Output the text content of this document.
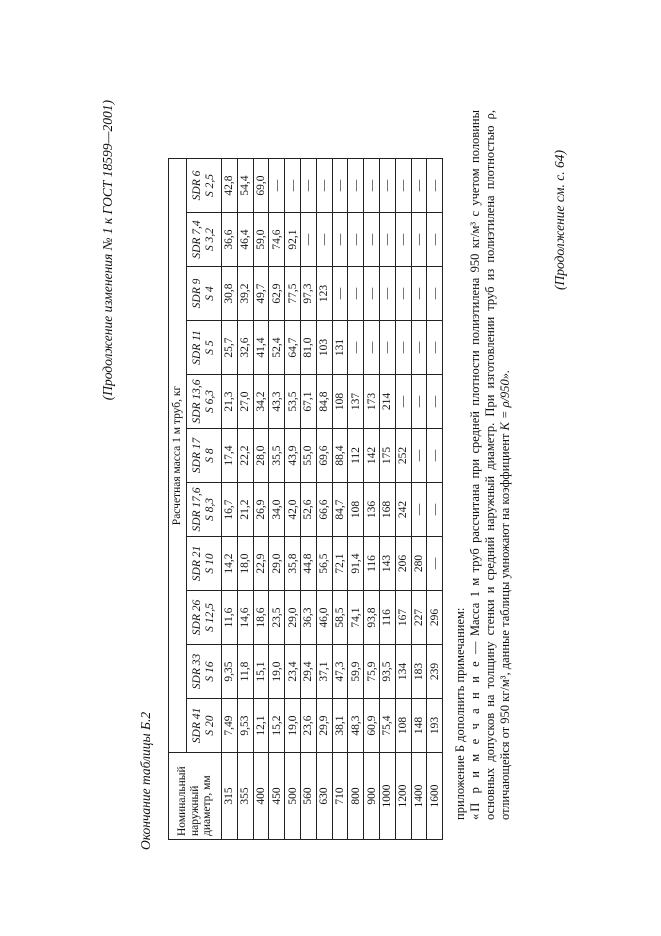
(Продолжение изменения № 1 к ГОСТ 18599—2001)
Окончание таблицы Б.2 Номинальный наружный диаметр, мм	Расчетная масса 1 м труб, кг										

	SDR 41 S 20	SDR 33 S 16	SDR 26 S 12,5	SDR 21 S 10	SDR 17,6 S 8,3	SDR 17 S 8	SDR 13,6 S 6,3	SDR 11 S 5	SDR 9 S 4	SDR 7,4 S 3,2	SDR 6 S 2,5

315	7,49	9,35	11,6	14,2	16,7	17,4	21,3	25,7	30,8	36,6	42,8
355	9,53	11,8	14,6	18,0	21,2	22,2	27,0	32,6	39,2	46,4	54,4
400	12,1	15,1	18,6	22,9	26,9	28,0	34,2	41,4	49,7	59,0	69,0
450	15,2	19,0	23,5	29,0	34,0	35,5	43,3	52,4	62,9	74,6	—
500	19,0	23,4	29,0	35,8	42,0	43,9	53,5	64,7	77,5	92,1	—
560	23,6	29,4	36,3	44,8	52,6	55,0	67,1	81,0	97,3	—	—
630	29,9	37,1	46,0	56,5	66,6	69,6	84,8	103	123	—	—
710	38,1	47,3	58,5	72,1	84,7	88,4	108	131	—	—	—
800	48,3	59,9	74,1	91,4	108	112	137	—	—	—	—
900	60,9	75,9	93,8	116	136	142	173	—	—	—	—
1000	75,4	93,5	116	143	168	175	214	—	—	—	—
1200	108	134	167	206	242	252	—	—	—	—	—
1400	148	183	227	280	—	—	—	—	—	—	—
1600	193	239	296	—	—	—	—	—	—	—	—

приложение Б дополнить примечанием: «П р и м е ч а н и е — Масса 1 м труб рассчитана при средней плотности полиэтилена 950 кг/м³ с учетом половины основных допусков на толщину стенки и средний наружный диаметр. При изготовлении труб из полиэтилена плотностью ρ, отличающейся от 950 кг/м³, данные таблицы умножают на коэффициент K = ρ/950».

(Продолжение см. с. 64)
